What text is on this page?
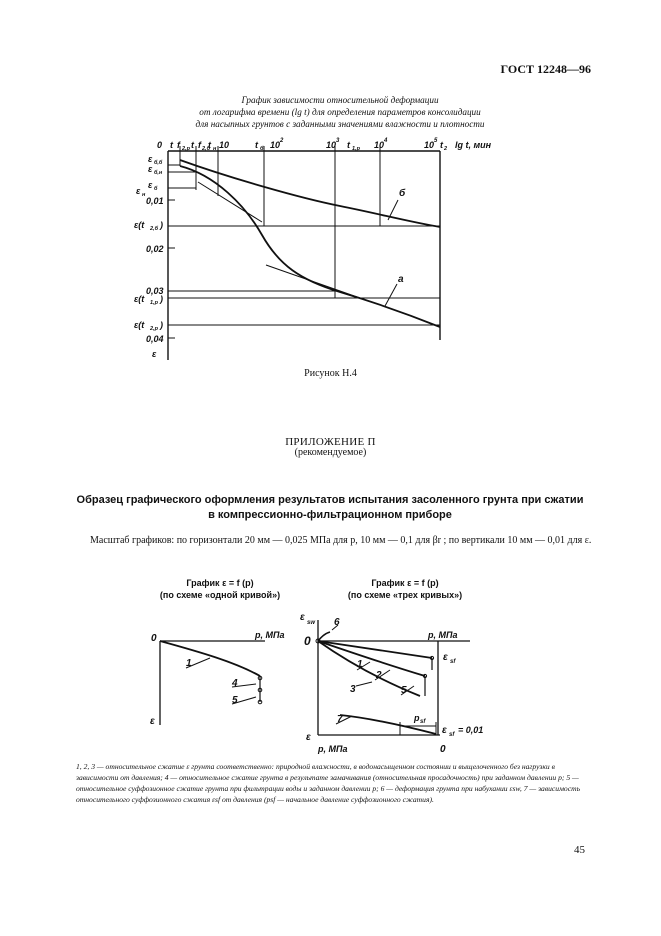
ГОСТ 12248—96
График зависимости относительной деформации
от логарифма времени (lg t) для определения параметров консолидации
для насыпных грунтов с заданными значениями влажности и плотности
0 t f 2,р t f 2,б
t н	t б
10	10 2	10 3 t 1,р 10 4	10 5 t 2 lg t, мин
ε б,б
ε б,н
ε н
ε б
0,01
ε(t 2,б )
0,02
0,03
ε(t 1,р )
ε(t 2,р )
0,04
ε
б
а
Рисунок Н.4
ПРИЛОЖЕНИЕ П
(рекомендуемое)
Образец графического оформления результатов испытания засоленного грунта при сжатии
в компрессионно-фильтрационном приборе
Масштаб графиков: по горизонтали 20 мм — 0,025 МПа для p, 10 мм — 0,1 для βr ; по вертикали 10 мм — 0,01 для ε.
График ε = f (p)
(по схеме «одной кривой»)
График ε = f (p)
(по схеме «трех кривых»)
0	p, МПа
ε
1
4
5
ε sw
0	p, МПа
ε
p, МПа	0
ε sf
ε sf = 0,01
p sf
6
1
2
3	5
7
1, 2, 3 — относительное сжатие ε грунта соответственно: природной влажности, в водонасыщенном состоянии и выщелоченного без нагрузки в зависимости от давления; 4 — относительное сжатие грунта в результате замачивания (относительная просадочность) при заданном давлении p; 5 — относительное суффозионное сжатие грунта при фильтрации воды и заданном давлении p; 6 — деформация грунта при набухании εsw, 7 — зависимость относительного суффозионного сжатия εsf от давления (psf — начальное давление суффозионного сжатия).
45
